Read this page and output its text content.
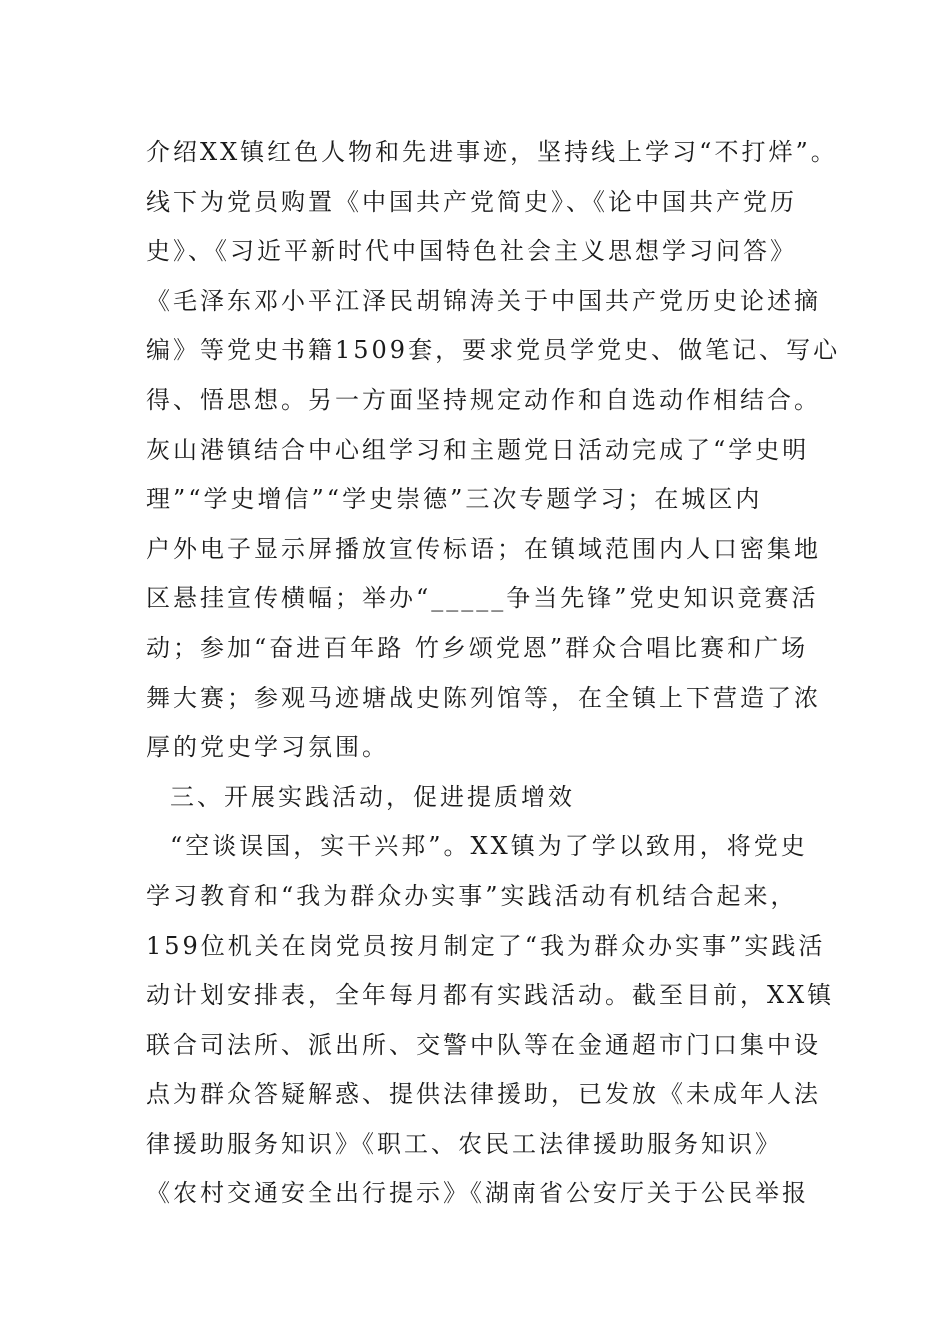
介绍XX镇红色人物和先进事迹，坚持线上学习“不打烊”。
线下为党员购置《中国共产党简史》、《论中国共产党历
史》、《习近平新时代中国特色社会主义思想学习问答》
《毛泽东邓小平江泽民胡锦涛关于中国共产党历史论述摘
编》等党史书籍1509套，要求党员学党史、做笔记、写心
得、悟思想。另一方面坚持规定动作和自选动作相结合。
灰山港镇结合中心组学习和主题党日活动完成了“学史明
理”“学史增信”“学史崇德”三次专题学习；在城区内
户外电子显示屏播放宣传标语；在镇域范围内人口密集地
区悬挂宣传横幅；举办“_____争当先锋”党史知识竞赛活
动；参加“奋进百年路 竹乡颂党恩”群众合唱比赛和广场
舞大赛；参观马迹塘战史陈列馆等，在全镇上下营造了浓
厚的党史学习氛围。
三、开展实践活动，促进提质增效
“空谈误国，实干兴邦”。XX镇为了学以致用，将党史
学习教育和“我为群众办实事”实践活动有机结合起来，
159位机关在岗党员按月制定了“我为群众办实事”实践活
动计划安排表，全年每月都有实践活动。截至目前，XX镇
联合司法所、派出所、交警中队等在金通超市门口集中设
点为群众答疑解惑、提供法律援助，已发放《未成年人法
律援助服务知识》《职工、农民工法律援助服务知识》
《农村交通安全出行提示》《湖南省公安厅关于公民举报
